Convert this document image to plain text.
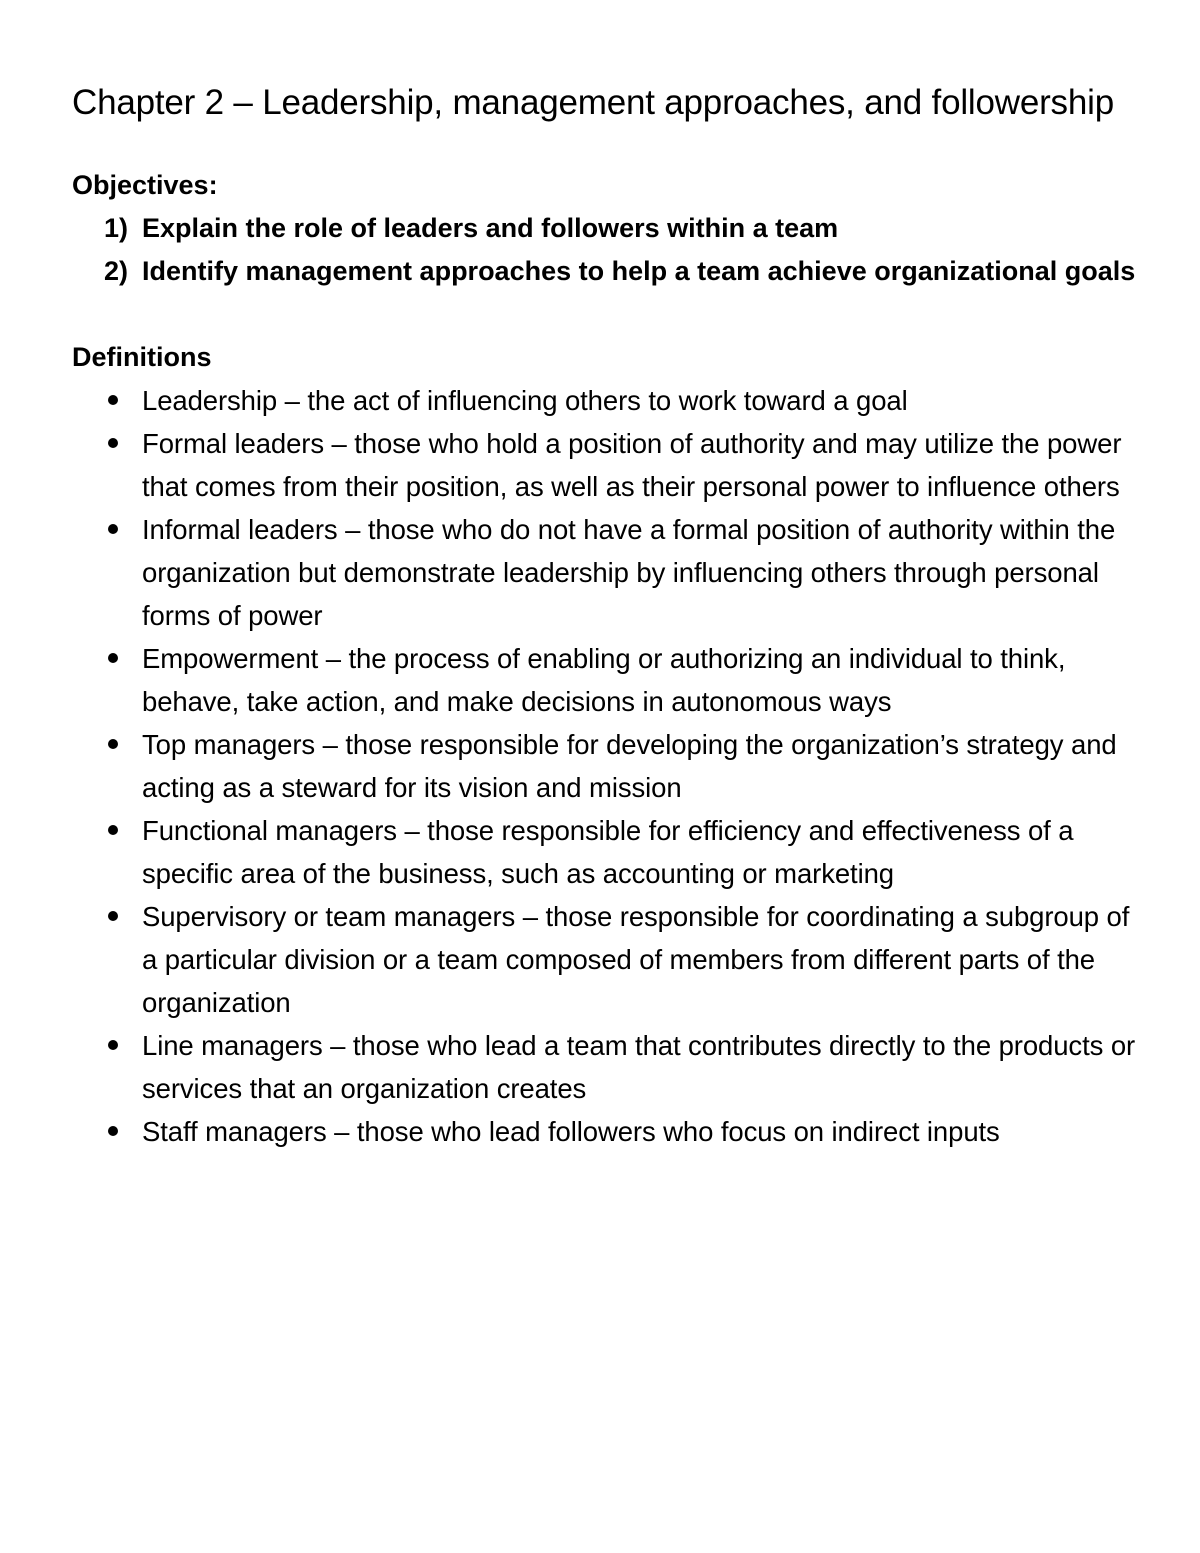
Chapter 2 – Leadership, management approaches, and followership
Objectives:
1) Explain the role of leaders and followers within a team
2) Identify management approaches to help a team achieve organizational goals
Definitions
Leadership – the act of influencing others to work toward a goal
Formal leaders – those who hold a position of authority and may utilize the power that comes from their position, as well as their personal power to influence others
Informal leaders – those who do not have a formal position of authority within the organization but demonstrate leadership by influencing others through personal forms of power
Empowerment – the process of enabling or authorizing an individual to think, behave, take action, and make decisions in autonomous ways
Top managers – those responsible for developing the organization’s strategy and acting as a steward for its vision and mission
Functional managers – those responsible for efficiency and effectiveness of a specific area of the business, such as accounting or marketing
Supervisory or team managers – those responsible for coordinating a subgroup of a particular division or a team composed of members from different parts of the organization
Line managers – those who lead a team that contributes directly to the products or services that an organization creates
Staff managers – those who lead followers who focus on indirect inputs
